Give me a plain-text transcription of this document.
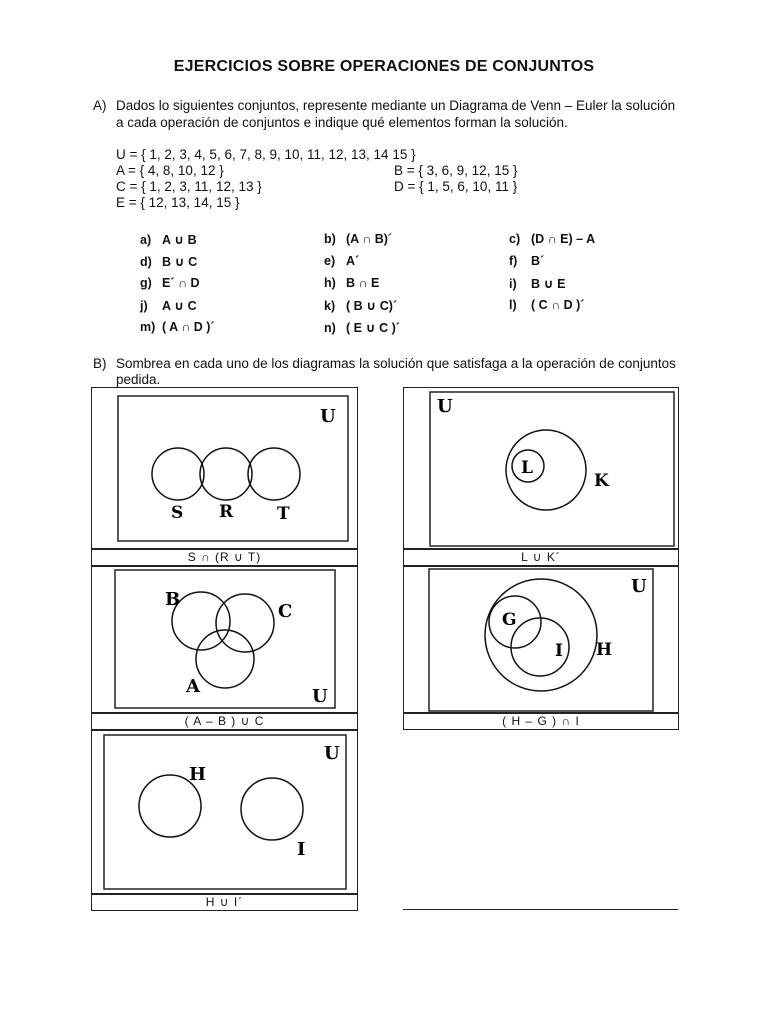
EJERCICIOS SOBRE OPERACIONES DE CONJUNTOS
A) Dados lo siguientes conjuntos, represente mediante un Diagrama de Venn – Euler la solución
a cada operación de conjuntos e indique qué elementos forman la solución.
U = { 1, 2, 3, 4, 5, 6, 7, 8, 9, 10, 11, 12, 13, 14 15 }
A = { 4, 8, 10, 12 }	B = { 3, 6, 9, 12, 15 }
C = { 1, 2, 3, 11, 12, 13 }	D = { 1, 5, 6, 10, 11 }
E = { 12, 13, 14, 15 }
a) A ∪ B	b) (A ∩ B)´	c) (D ∩ E) – A
d) B ∪ C	e) A´	f) B´
g) E´ ∩ D	h) B ∩ E	i) B ∪ E
j) A ∪ C	k) ( B ∪ C)´	l) ( C ∩ D )´
m) ( A ∩ D )´	n) ( E ∪ C )´
B) Sombrea en cada uno de los diagramas la solución que satisfaga a la operación de conjuntos
pedida.
U
S R	T
S ∩ (R ∪ T)
U
L
K
L ∪ K´
B
C
A	U
( A – B ) ∪ C
U
G
I H
( H – G ) ∩ I
U
H
I
H ∪ I´
